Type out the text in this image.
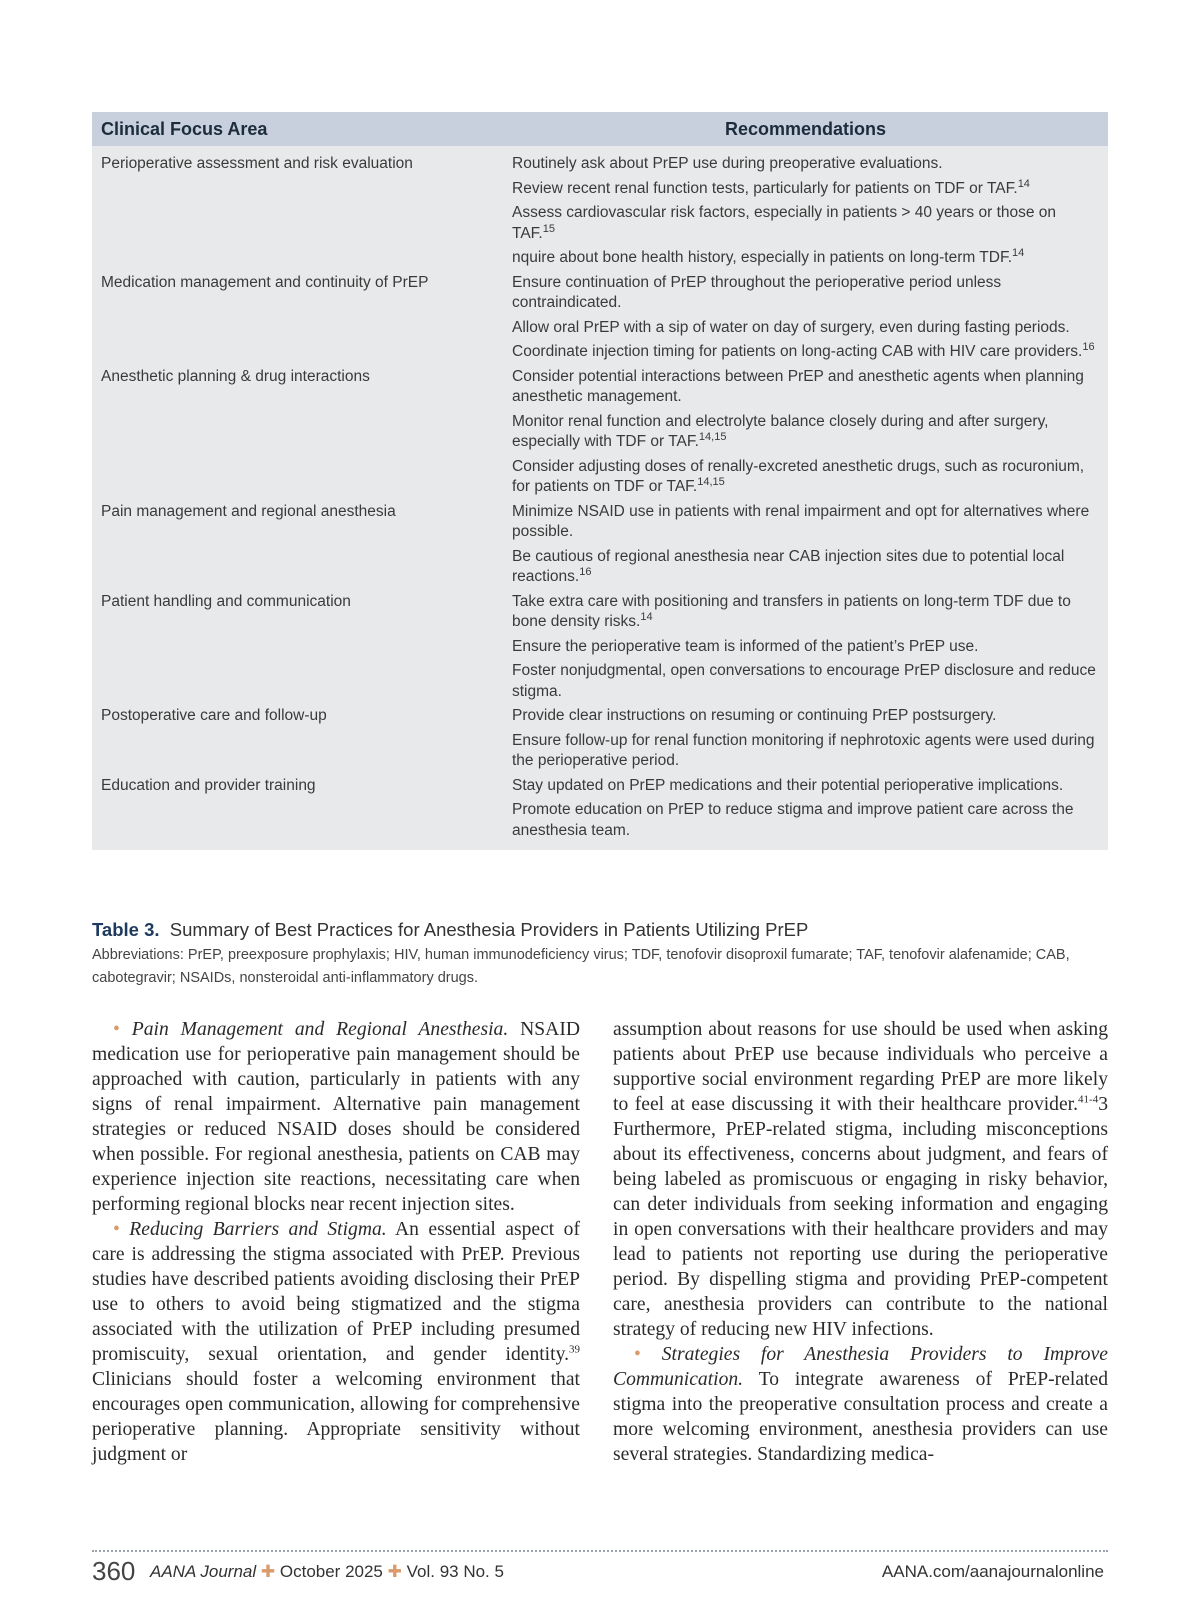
Clinical Focus Area	Recommendations
Perioperative assessment and risk evaluation	Routinely ask about PrEP use during preoperative evaluations.
Review recent renal function tests, particularly for patients on TDF or TAF.$^{14}$
Assess cardiovascular risk factors, especially in patients > 40 years or those on TAF.$^{15}$
nquire about bone health history, especially in patients on long-term TDF.$^{14}$

Medication management and continuity of PrEP	Ensure continuation of PrEP throughout the perioperative period unless contraindicated.
Allow oral PrEP with a sip of water on day of surgery, even during fasting periods.
Coordinate injection timing for patients on long-acting CAB with HIV care providers.$^{16}$

Anesthetic planning & drug interactions	Consider potential interactions between PrEP and anesthetic agents when planning anesthetic management.
Monitor renal function and electrolyte balance closely during and after surgery, especially with TDF or TAF.$^{14,15}$
Consider adjusting doses of renally-excreted anesthetic drugs, such as rocuronium, for patients on TDF or TAF.$^{14,15}$

Pain management and regional anesthesia	Minimize NSAID use in patients with renal impairment and opt for alternatives where possible.
Be cautious of regional anesthesia near CAB injection sites due to potential local reactions.$^{16}$

Patient handling and communication	Take extra care with positioning and transfers in patients on long-term TDF due to bone density risks.$^{14}$
Ensure the perioperative team is informed of the patient’s PrEP use.
Foster nonjudgmental, open conversations to encourage PrEP disclosure and reduce stigma.

Postoperative care and follow-up	Provide clear instructions on resuming or continuing PrEP postsurgery.
Ensure follow-up for renal function monitoring if nephrotoxic agents were used during the perioperative period.

Education and provider training	Stay updated on PrEP medications and their potential perioperative implications.
Promote education on PrEP to reduce stigma and improve patient care across the anesthesia team.
Table 3. Summary of Best Practices for Anesthesia Providers in Patients Utilizing PrEP
Abbreviations: PrEP, preexposure prophylaxis; HIV, human immunodeficiency virus; TDF, tenofovir disoproxil fumarate; TAF, tenofovir alafenamide; CAB, cabotegravir; NSAIDs, nonsteroidal anti-inflammatory drugs.

• Pain Management and Regional Anesthesia. NSAID medication use for perioperative pain management should be approached with caution, particularly in patients with any signs of renal impairment. Alternative pain management strategies or reduced NSAID doses should be considered when possible. For regional anesthesia, patients on CAB may experience injection site reactions, necessitating care when performing regional blocks near recent injection sites.

• Reducing Barriers and Stigma. An essential aspect of care is addressing the stigma associated with PrEP. Previous studies have described patients avoiding disclosing their PrEP use to others to avoid being stigmatized and the stigma associated with the utilization of PrEP including presumed promiscuity, sexual orientation, and gender identity.$^{39}$ Clinicians should foster a welcoming environment that encourages open communication, allowing for comprehensive perioperative planning. Appropriate sensitivity without judgment or

assumption about reasons for use should be used when asking patients about PrEP use because individuals who perceive a supportive social environment regarding PrEP are more likely to feel at ease discussing it with their healthcare provider.$^{41-4}$3 Furthermore, PrEP-related stigma, including misconceptions about its effectiveness, concerns about judgment, and fears of being labeled as promiscuous or engaging in risky behavior, can deter individuals from seeking information and engaging in open conversations with their healthcare providers and may lead to patients not reporting use during the perioperative period. By dispelling stigma and providing PrEP-competent care, anesthesia providers can contribute to the national strategy of reducing new HIV infections.

• Strategies for Anesthesia Providers to Improve Communication. To integrate awareness of PrEP-related stigma into the preoperative consultation process and create a more welcoming environment, anesthesia providers can use several strategies. Standardizing medica-

360 AANA Journal ✚ October 2025 ✚ Vol. 93 No. 5	AANA.com/aanajournalonline
